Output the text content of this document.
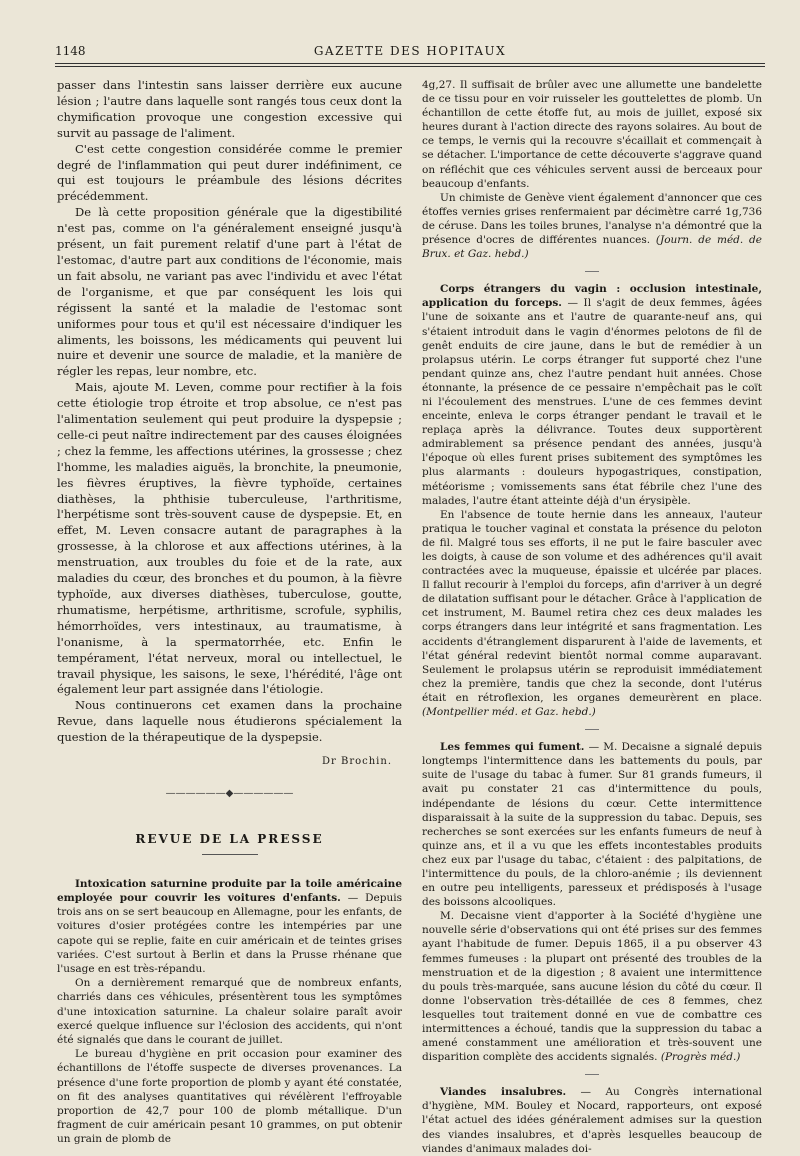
1148	GAZETTE DES HOPITAUX

passer dans l'intestin sans laisser derrière eux aucune lésion ; l'autre dans laquelle sont rangés tous ceux dont la chymification provoque une congestion excessive qui survit au passage de l'aliment.

C'est cette congestion considérée comme le premier degré de l'inflammation qui peut durer indéfiniment, ce qui est toujours le préambule des lésions décrites précédemment.

De là cette proposition générale que la digestibilité n'est pas, comme on l'a généralement enseigné jusqu'à présent, un fait purement relatif d'une part à l'état de l'estomac, d'autre part aux conditions de l'économie, mais un fait absolu, ne variant pas avec l'individu et avec l'état de l'organisme, et que par conséquent les lois qui régissent la santé et la maladie de l'estomac sont uniformes pour tous et qu'il est nécessaire d'indiquer les aliments, les boissons, les médicaments qui peuvent lui nuire et devenir une source de maladie, et la manière de régler les repas, leur nombre, etc.

Mais, ajoute M. Leven, comme pour rectifier à la fois cette étiologie trop étroite et trop absolue, ce n'est pas l'alimentation seulement qui peut produire la dyspepsie ; celle-ci peut naître indirectement par des causes éloignées ; chez la femme, les affections utérines, la grossesse ; chez l'homme, les maladies aiguës, la bronchite, la pneumonie, les fièvres éruptives, la fièvre typhoïde, certaines diathèses, la phthisie tuberculeuse, l'arthritisme, l'herpétisme sont très-souvent cause de dyspepsie. Et, en effet, M. Leven consacre autant de paragraphes à la grossesse, à la chlorose et aux affections utérines, à la menstruation, aux troubles du foie et de la rate, aux maladies du cœur, des bronches et du poumon, à la fièvre typhoïde, aux diverses diathèses, tuberculose, goutte, rhumatisme, herpétisme, arthritisme, scrofule, syphilis, hémorrhoïdes, vers intestinaux, au traumatisme, à l'onanisme, à la spermatorrhée, etc. Enfin le tempérament, l'état nerveux, moral ou intellectuel, le travail physique, les saisons, le sexe, l'hérédité, l'âge ont également leur part assignée dans l'étiologie.

Nous continuerons cet examen dans la prochaine Revue, dans laquelle nous étudierons spécialement la question de la thérapeutique de la dyspepsie.

Dr Brochin.
——————◆——————
REVUE DE LA PRESSE

Intoxication saturnine produite par la toile américaine employée pour couvrir les voitures d'enfants. — Depuis trois ans on se sert beaucoup en Allemagne, pour les enfants, de voitures d'osier protégées contre les intempéries par une capote qui se replie, faite en cuir américain et de teintes grises variées. C'est surtout à Berlin et dans la Prusse rhénane que l'usage en est très-répandu.

On a dernièrement remarqué que de nombreux enfants, charriés dans ces véhicules, présentèrent tous les symptômes d'une intoxication saturnine. La chaleur solaire paraît avoir exercé quelque influence sur l'éclosion des accidents, qui n'ont été signalés que dans le courant de juillet.

Le bureau d'hygiène en prit occasion pour examiner des échantillons de l'étoffe suspecte de diverses provenances. La présence d'une forte proportion de plomb y ayant été constatée, on fit des analyses quantitatives qui révélèrent l'effroyable proportion de 42,7 pour 100 de plomb métallique. D'un fragment de cuir américain pesant 10 grammes, on put obtenir un grain de plomb de

4g,27. Il suffisait de brûler avec une allumette une bandelette de ce tissu pour en voir ruisseler les gouttelettes de plomb. Un échantillon de cette étoffe fut, au mois de juillet, exposé six heures durant à l'action directe des rayons solaires. Au bout de ce temps, le vernis qui la recouvre s'écaillait et commençait à se détacher. L'importance de cette découverte s'aggrave quand on réfléchit que ces véhicules servent aussi de berceaux pour beaucoup d'enfants.

Un chimiste de Genève vient également d'annoncer que ces étoffes vernies grises renfermaient par décimètre carré 1g,736 de céruse. Dans les toiles brunes, l'analyse n'a démontré que la présence d'ocres de différentes nuances. (Journ. de méd. de Brux. et Gaz. hebd.)

Corps étrangers du vagin : occlusion intestinale, application du forceps. — Il s'agit de deux femmes, âgées l'une de soixante ans et l'autre de quarante-neuf ans, qui s'étaient introduit dans le vagin d'énormes pelotons de fil de genêt enduits de cire jaune, dans le but de remédier à un prolapsus utérin. Le corps étranger fut supporté chez l'une pendant quinze ans, chez l'autre pendant huit années. Chose étonnante, la présence de ce pessaire n'empêchait pas le coït ni l'écoulement des menstrues. L'une de ces femmes devint enceinte, enleva le corps étranger pendant le travail et le replaça après la délivrance. Toutes deux supportèrent admirablement sa présence pendant des années, jusqu'à l'époque où elles furent prises subitement des symptômes les plus alarmants : douleurs hypogastriques, constipation, météorisme ; vomissements sans état fébrile chez l'une des malades, l'autre étant atteinte déjà d'un érysipèle.

En l'absence de toute hernie dans les anneaux, l'auteur pratiqua le toucher vaginal et constata la présence du peloton de fil. Malgré tous ses efforts, il ne put le faire basculer avec les doigts, à cause de son volume et des adhérences qu'il avait contractées avec la muqueuse, épaissie et ulcérée par places. Il fallut recourir à l'emploi du forceps, afin d'arriver à un degré de dilatation suffisant pour le détacher. Grâce à l'application de cet instrument, M. Baumel retira chez ces deux malades les corps étrangers dans leur intégrité et sans fragmentation. Les accidents d'étranglement disparurent à l'aide de lavements, et l'état général redevint bientôt normal comme auparavant. Seulement le prolapsus utérin se reproduisit immédiatement chez la première, tandis que chez la seconde, dont l'utérus était en rétroflexion, les organes demeurèrent en place. (Montpellier méd. et Gaz. hebd.)

Les femmes qui fument. — M. Decaisne a signalé depuis longtemps l'intermittence dans les battements du pouls, par suite de l'usage du tabac à fumer. Sur 81 grands fumeurs, il avait pu constater 21 cas d'intermittence du pouls, indépendante de lésions du cœur. Cette intermittence disparaissait à la suite de la suppression du tabac. Depuis, ses recherches se sont exercées sur les enfants fumeurs de neuf à quinze ans, et il a vu que les effets incontestables produits chez eux par l'usage du tabac, c'étaient : des palpitations, de l'intermittence du pouls, de la chloro-anémie ; ils deviennent en outre peu intelligents, paresseux et prédisposés à l'usage des boissons alcooliques.

M. Decaisne vient d'apporter à la Société d'hygiène une nouvelle série d'observations qui ont été prises sur des femmes ayant l'habitude de fumer. Depuis 1865, il a pu observer 43 femmes fumeuses : la plupart ont présenté des troubles de la menstruation et de la digestion ; 8 avaient une intermittence du pouls très-marquée, sans aucune lésion du côté du cœur. Il donne l'observation très-détaillée de ces 8 femmes, chez lesquelles tout traitement donné en vue de combattre ces intermittences a échoué, tandis que la suppression du tabac a amené constamment une amélioration et très-souvent une disparition complète des accidents signalés. (Progrès méd.)

Viandes insalubres. — Au Congrès international d'hygiène, MM. Bouley et Nocard, rapporteurs, ont exposé l'état actuel des idées généralement admises sur la question des viandes insalubres, et d'après lesquelles beaucoup de viandes d'animaux malades doi-
